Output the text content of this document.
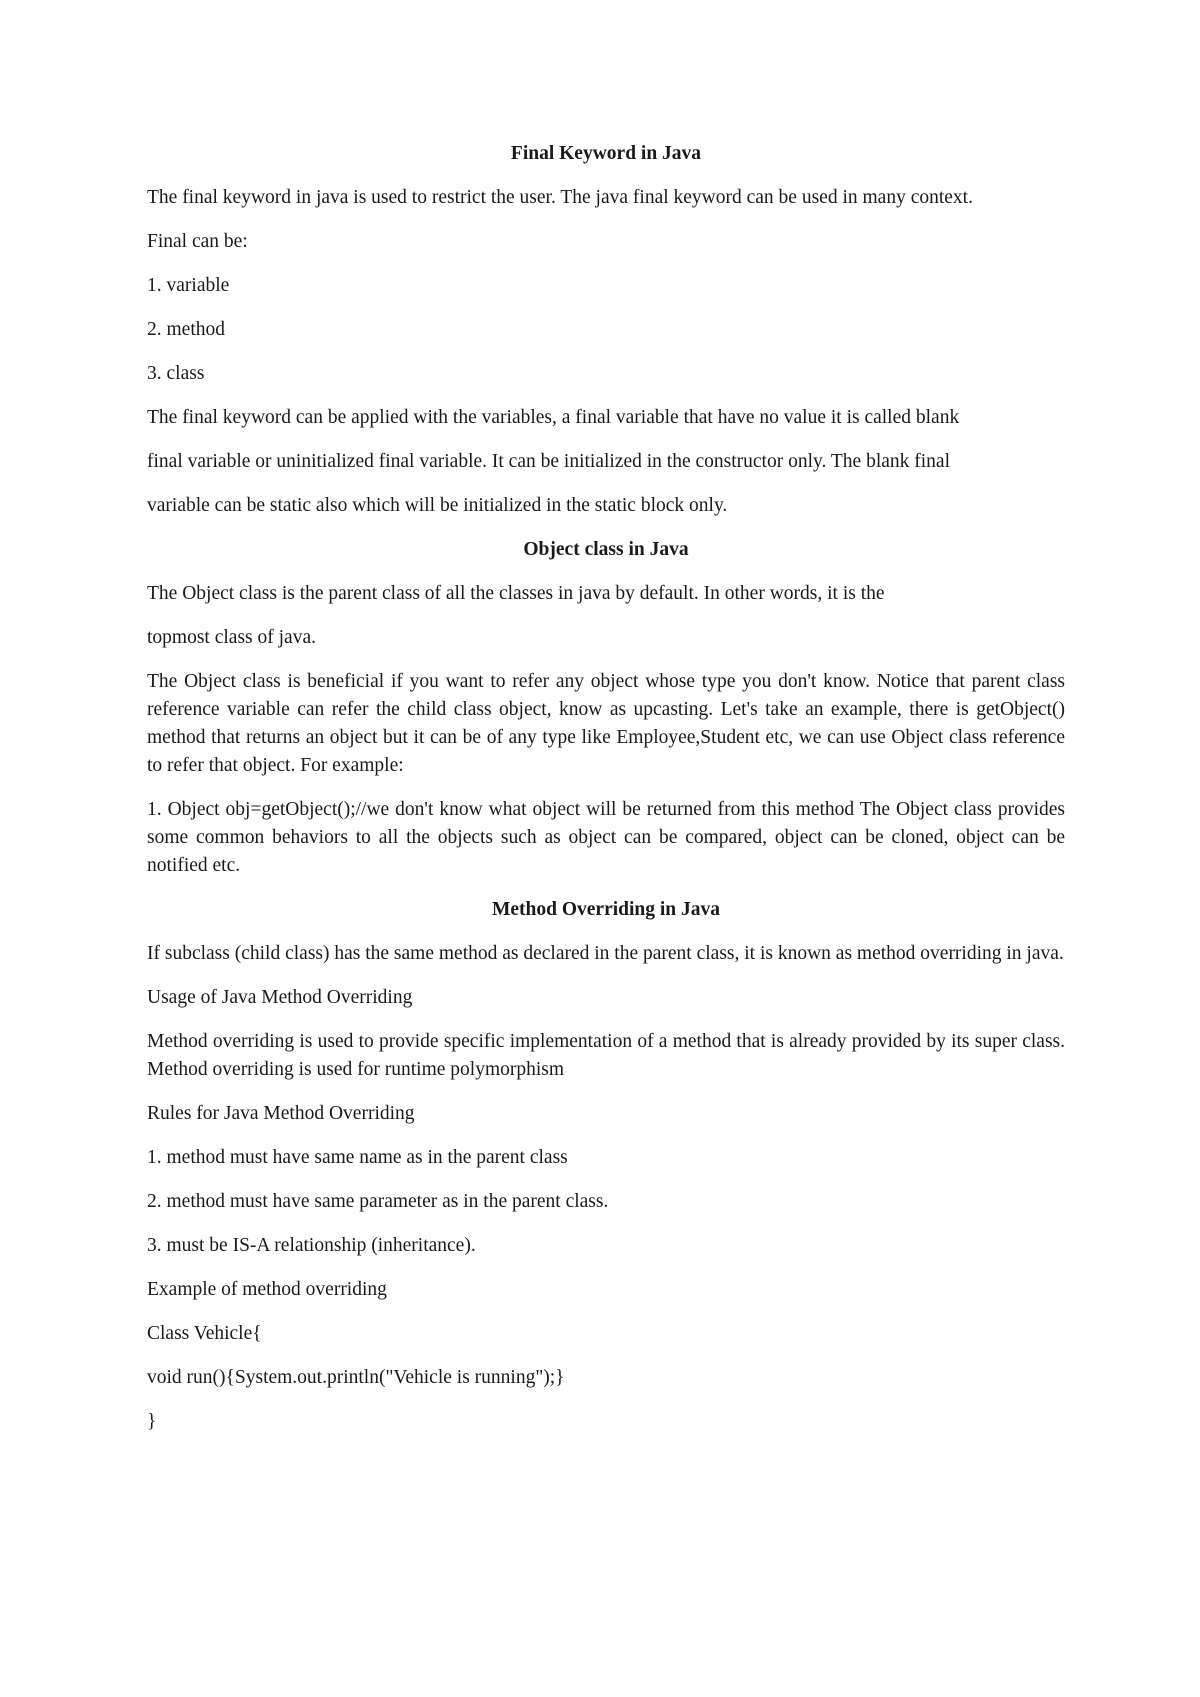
Final Keyword in Java
The final keyword in java is used to restrict the user. The java final keyword can be used in many context.
Final can be:
1. variable
2. method
3. class
The final keyword can be applied with the variables, a final variable that have no value it is called blank
final variable or uninitialized final variable. It can be initialized in the constructor only. The blank final
variable can be static also which will be initialized in the static block only.
Object class in Java
The Object class is the parent class of all the classes in java by default. In other words, it is the
topmost class of java.
The Object class is beneficial if you want to refer any object whose type you don't know. Notice that parent class reference variable can refer the child class object, know as upcasting. Let's take an example, there is getObject() method that returns an object but it can be of any type like Employee,Student etc, we can use Object class reference to refer that object. For example:
1. Object obj=getObject();//we don't know what object will be returned from this method The Object class provides some common behaviors to all the objects such as object can be compared, object can be cloned, object can be notified etc.
Method Overriding in Java
If subclass (child class) has the same method as declared in the parent class, it is known as method overriding in java.
Usage of Java Method Overriding
Method overriding is used to provide specific implementation of a method that is already provided by its super class. Method overriding is used for runtime polymorphism
Rules for Java Method Overriding
1. method must have same name as in the parent class
2. method must have same parameter as in the parent class.
3. must be IS-A relationship (inheritance).
Example of method overriding
Class Vehicle{
void run(){System.out.println("Vehicle is running");}
}
